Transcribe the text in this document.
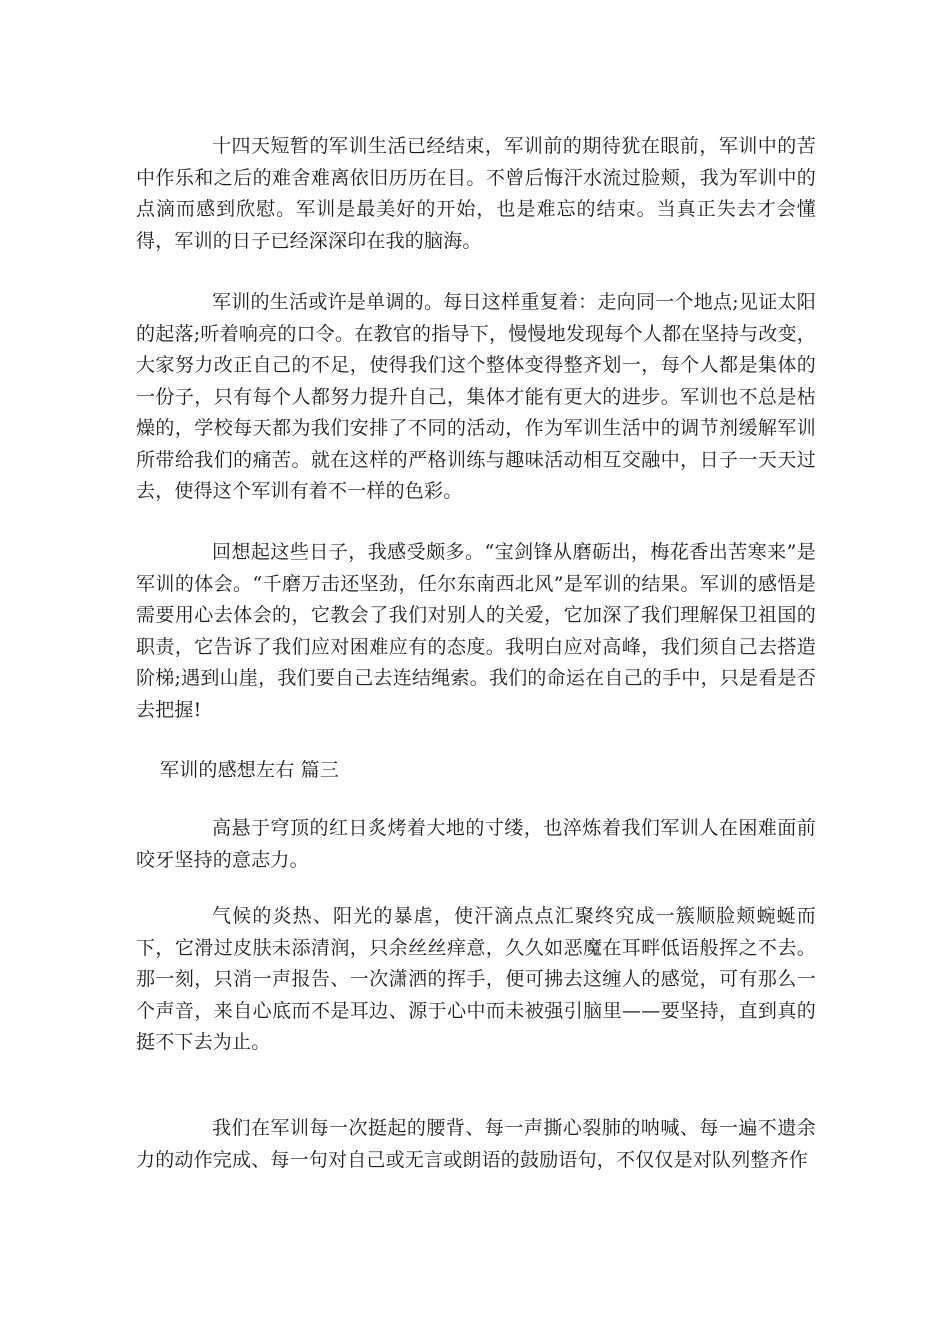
十四天短暂的军训生活已经结束，军训前的期待犹在眼前，军训中的苦中作乐和之后的难舍难离依旧历历在目。不曾后悔汗水流过脸颊，我为军训中的点滴而感到欣慰。军训是最美好的开始，也是难忘的结束。当真正失去才会懂得，军训的日子已经深深印在我的脑海。

军训的生活或许是单调的。每日这样重复着：走向同一个地点;见证太阳的起落;听着响亮的口令。在教官的指导下，慢慢地发现每个人都在坚持与改变，大家努力改正自己的不足，使得我们这个整体变得整齐划一，每个人都是集体的一份子，只有每个人都努力提升自己，集体才能有更大的进步。军训也不总是枯燥的，学校每天都为我们安排了不同的活动，作为军训生活中的调节剂缓解军训所带给我们的痛苦。就在这样的严格训练与趣味活动相互交融中，日子一天天过去，使得这个军训有着不一样的色彩。

回想起这些日子，我感受颇多。“宝剑锋从磨砺出，梅花香出苦寒来”是军训的体会。“千磨万击还坚劲，任尔东南西北风”是军训的结果。军训的感悟是需要用心去体会的，它教会了我们对别人的关爱，它加深了我们理解保卫祖国的职责，它告诉了我们应对困难应有的态度。我明白应对高峰，我们须自己去搭造阶梯;遇到山崖，我们要自己去连结绳索。我们的命运在自己的手中，只是看是否去把握!

军训的感想左右 篇三

高悬于穹顶的红日炙烤着大地的寸缕，也淬炼着我们军训人在困难面前咬牙坚持的意志力。

气候的炎热、阳光的暴虐，使汗滴点点汇聚终究成一簇顺脸颊蜿蜒而下，它滑过皮肤未添清润，只余丝丝痒意，久久如恶魔在耳畔低语般挥之不去。那一刻，只消一声报告、一次潇洒的挥手，便可拂去这缠人的感觉，可有那么一个声音，来自心底而不是耳边、源于心中而未被强引脑里——要坚持，直到真的挺不下去为止。

我们在军训每一次挺起的腰背、每一声撕心裂肺的呐喊、每一遍不遗余力的动作完成、每一句对自己或无言或朗语的鼓励语句，不仅仅是对队列整齐作
